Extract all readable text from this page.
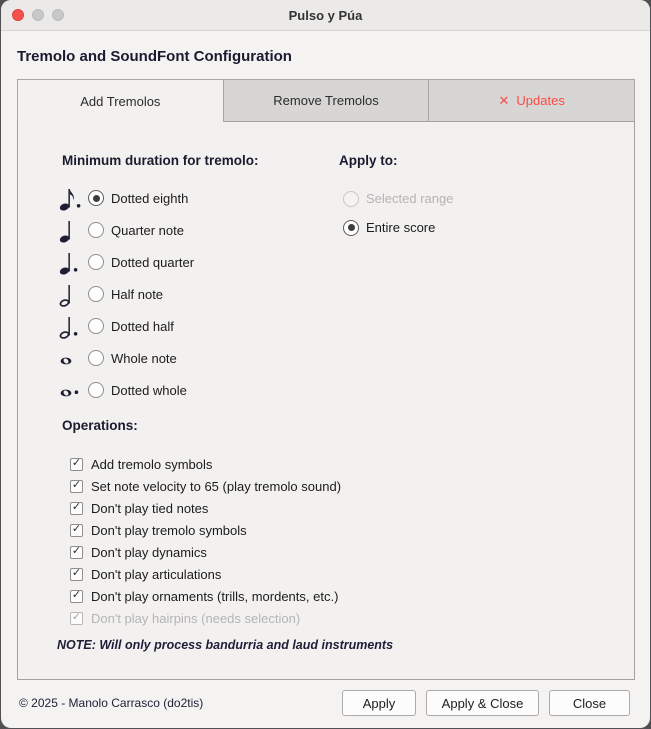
Pulso y Púa
Tremolo and SoundFont Configuration
Add Tremolos	Remove Tremolos	✕ Updates
Minimum duration for tremolo:	Apply to:
Dotted eighth
Quarter note
Dotted quarter
Half note
Dotted half
Whole note
Dotted whole
Selected range
Entire score
Operations:
✓
Add tremolo symbols
✓
Set note velocity to 65 (play tremolo sound)
✓
Don't play tied notes
✓
Don't play tremolo symbols
✓
Don't play dynamics
✓
Don't play articulations
✓
Don't play ornaments (trills, mordents, etc.)
✓
Don't play hairpins (needs selection)
NOTE: Will only process bandurria and laud instruments
© 2025 - Manolo Carrasco (do2tis)	Apply	Apply & Close	Close
